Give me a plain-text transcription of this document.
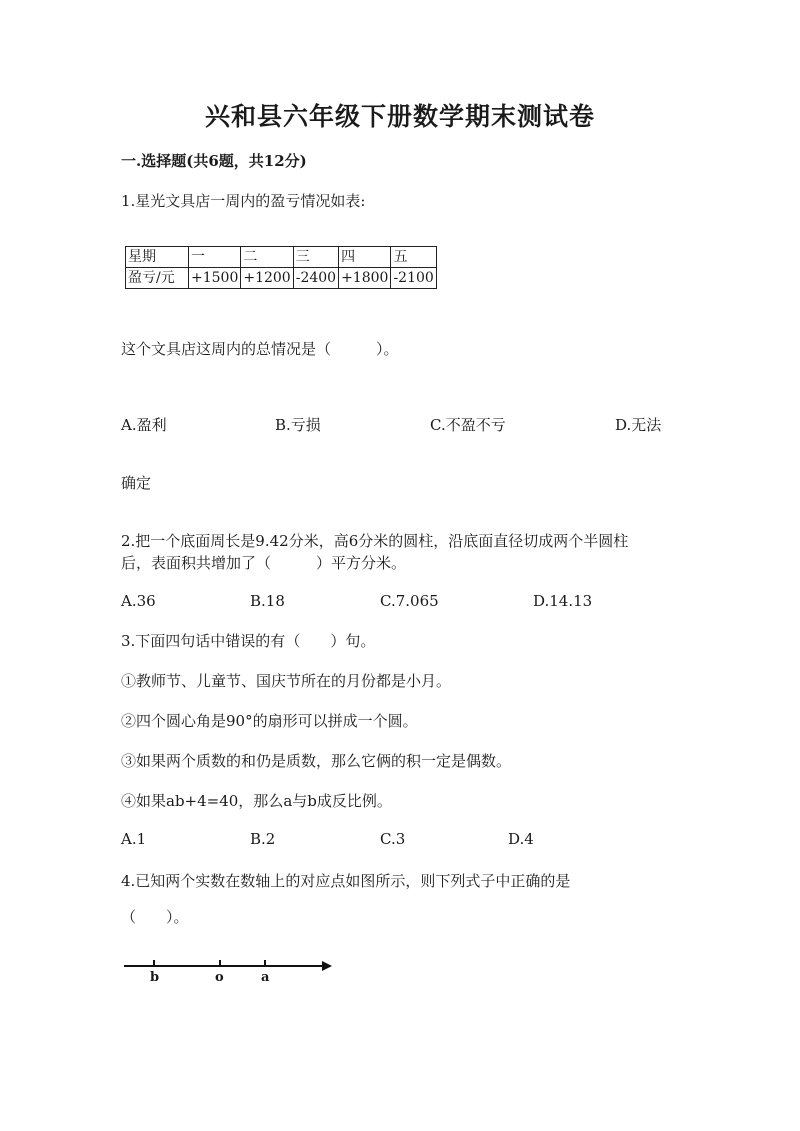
兴和县六年级下册数学期末测试卷
一.选择题(共6题，共12分)
1.星光文具店一周内的盈亏情况如表:
星期	一	二	三	四	五
盈亏/元	+1500	+1200	-2400	+1800	-2100
这个文具店这周内的总情况是（　　　）。
A.盈利	B.亏损	C.不盈不亏	D.无法
确定
2.把一个底面周长是9.42分米，高6分米的圆柱，沿底面直径切成两个半圆柱
后，表面积共增加了（　　　）平方分米。
A.36	B.18	C.7.065	D.14.13
3.下面四句话中错误的有（　　）句。
①教师节、儿童节、国庆节所在的月份都是小月。
②四个圆心角是90°的扇形可以拼成一个圆。
③如果两个质数的和仍是质数，那么它俩的积一定是偶数。
④如果ab+4=40，那么a与b成反比例。
A.1	B.2	C.3	D.4
4.已知两个实数在数轴上的对应点如图所示，则下列式子中正确的是
（　　）。
b	o	a
